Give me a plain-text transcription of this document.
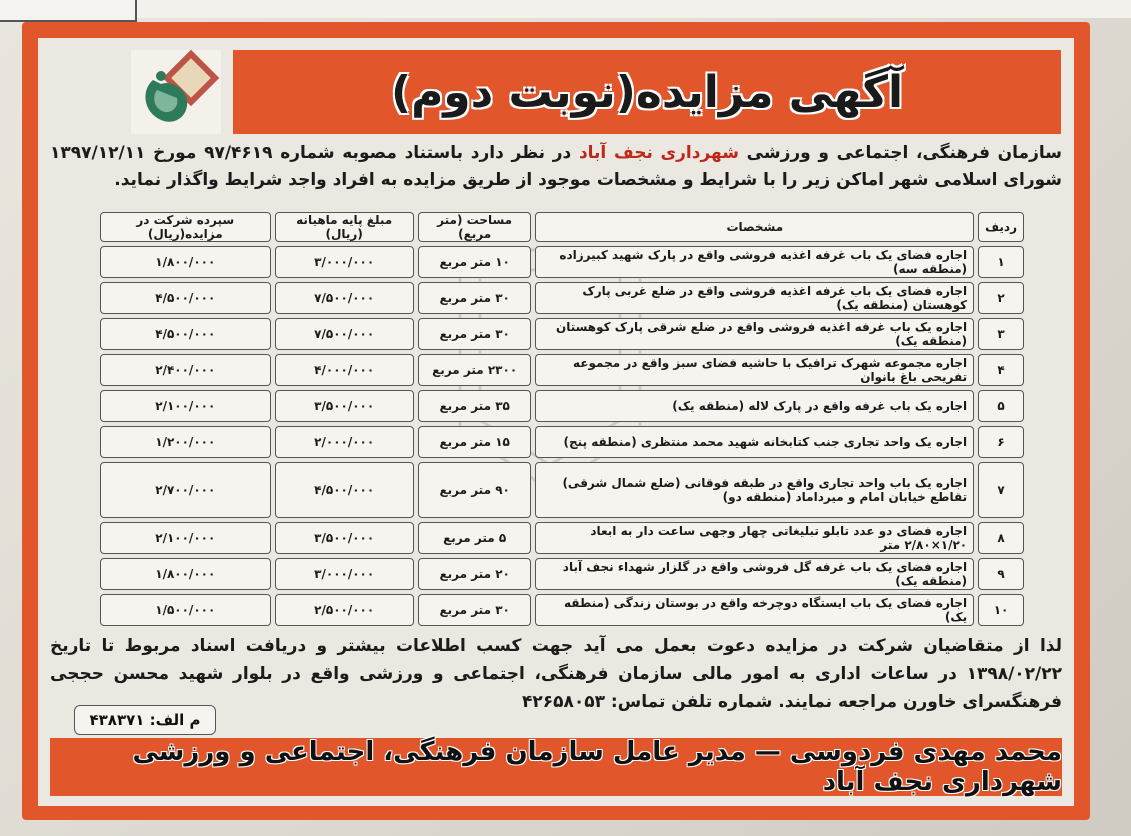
آگهی مزایده(نوبت دوم)
سازمان فرهنگی، اجتماعی و ورزشی شهرداری نجف آباد در نظر دارد باستناد مصوبه شماره ۹۷/۴۶۱۹ مورخ ۱۳۹۷/۱۲/۱۱ شورای اسلامی شهر اماکن زیر را با شرایط و مشخصات موجود از طریق مزایده به افراد واجد شرایط واگذار نماید.
ردیف	مشخصات	مساحت (متر مربع)	مبلغ پایه ماهیانه (ریال)	سپرده شرکت در مزایده(ریال)
۱	اجاره فضای یک باب غرفه اغذیه فروشی واقع در پارک شهید کبیرزاده (منطقه سه)	۱۰ متر مربع	۳/۰۰۰/۰۰۰	۱/۸۰۰/۰۰۰
۲	اجاره فضای یک باب غرفه اغذیه فروشی واقع در ضلع غربی پارک کوهستان (منطقه یک)	۳۰ متر مربع	۷/۵۰۰/۰۰۰	۴/۵۰۰/۰۰۰
۳	اجاره یک باب غرفه اغذیه فروشی واقع در ضلع شرقی پارک کوهستان (منطقه یک)	۳۰ متر مربع	۷/۵۰۰/۰۰۰	۴/۵۰۰/۰۰۰
۴	اجاره مجموعه شهرک ترافیک با حاشیه فضای سبز واقع در مجموعه تفریحی باغ بانوان	۲۳۰۰ متر مربع	۴/۰۰۰/۰۰۰	۲/۴۰۰/۰۰۰
۵	اجاره یک باب غرفه واقع در پارک لاله (منطقه یک)	۳۵ متر مربع	۳/۵۰۰/۰۰۰	۲/۱۰۰/۰۰۰
۶	اجاره یک واحد تجاری جنب کتابخانه شهید محمد منتظری (منطقه پنج)	۱۵ متر مربع	۲/۰۰۰/۰۰۰	۱/۲۰۰/۰۰۰
۷	اجاره یک باب واحد تجاری واقع در طبقه فوقانی (ضلع شمال شرقی) تقاطع خیابان امام و میرداماد (منطقه دو)	۹۰ متر مربع	۴/۵۰۰/۰۰۰	۲/۷۰۰/۰۰۰
۸	اجاره فضای دو عدد تابلو تبلیغاتی چهار وجهی ساعت دار به ابعاد ۱/۲۰×۲/۸۰ متر	۵ متر مربع	۳/۵۰۰/۰۰۰	۲/۱۰۰/۰۰۰
۹	اجاره فضای یک باب غرفه گل فروشی واقع در گلزار شهداء نجف آباد (منطقه یک)	۲۰ متر مربع	۳/۰۰۰/۰۰۰	۱/۸۰۰/۰۰۰
۱۰	اجاره فضای یک باب ایستگاه دوچرخه واقع در بوستان زندگی (منطقه یک)	۳۰ متر مربع	۲/۵۰۰/۰۰۰	۱/۵۰۰/۰۰۰
لذا از متقاضیان شرکت در مزایده دعوت بعمل می آید جهت کسب اطلاعات بیشتر و دریافت اسناد مربوط تا تاریخ ۱۳۹۸/۰۲/۲۲ در ساعات اداری به امور مالی سازمان فرهنگی، اجتماعی و ورزشی واقع در بلوار شهید محسن حججی فرهنگسرای خاورن مراجعه نمایند. شماره تلفن تماس: ۴۲۶۵۸۰۵۳
م الف: ۴۳۸۳۷۱
محمد مهدی فردوسی — مدیر عامل سازمان فرهنگی، اجتماعی و ورزشی شهرداری نجف آباد
